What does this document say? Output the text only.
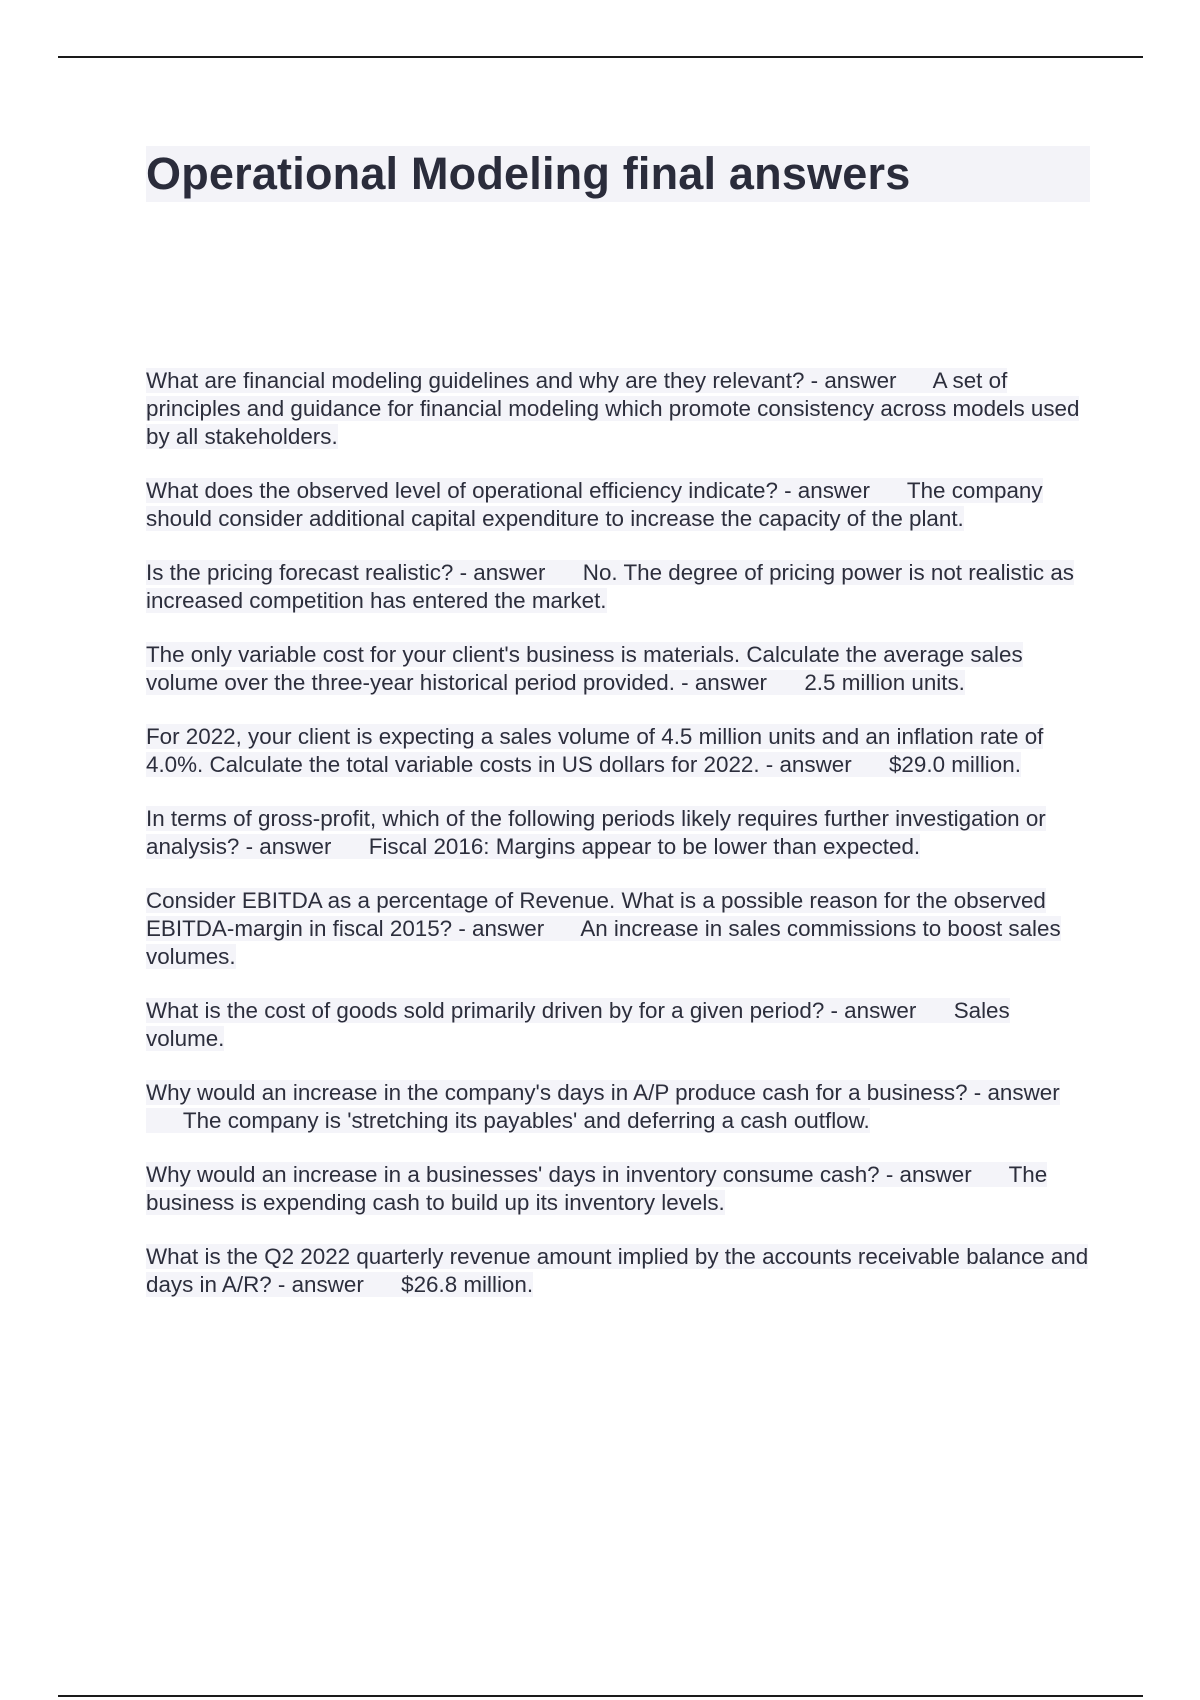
Operational Modeling final answers
What are financial modeling guidelines and why are they relevant? - answer A set of principles and guidance for financial modeling which promote consistency across models used by all stakeholders.
What does the observed level of operational efficiency indicate? - answer The company should consider additional capital expenditure to increase the capacity of the plant.
Is the pricing forecast realistic? - answer No. The degree of pricing power is not realistic as increased competition has entered the market.
The only variable cost for your client's business is materials. Calculate the average sales volume over the three-year historical period provided. - answer 2.5 million units.
For 2022, your client is expecting a sales volume of 4.5 million units and an inflation rate of 4.0%. Calculate the total variable costs in US dollars for 2022. - answer $29.0 million.
In terms of gross-profit, which of the following periods likely requires further investigation or analysis? - answer Fiscal 2016: Margins appear to be lower than expected.
Consider EBITDA as a percentage of Revenue. What is a possible reason for the observed EBITDA-margin in fiscal 2015? - answer An increase in sales commissions to boost sales volumes.
What is the cost of goods sold primarily driven by for a given period? - answer Sales volume.
Why would an increase in the company's days in A/P produce cash for a business? - answer      The company is 'stretching its payables' and deferring a cash outflow.
Why would an increase in a businesses' days in inventory consume cash? - answer The business is expending cash to build up its inventory levels.
What is the Q2 2022 quarterly revenue amount implied by the accounts receivable balance and days in A/R? - answer $26.8 million.
